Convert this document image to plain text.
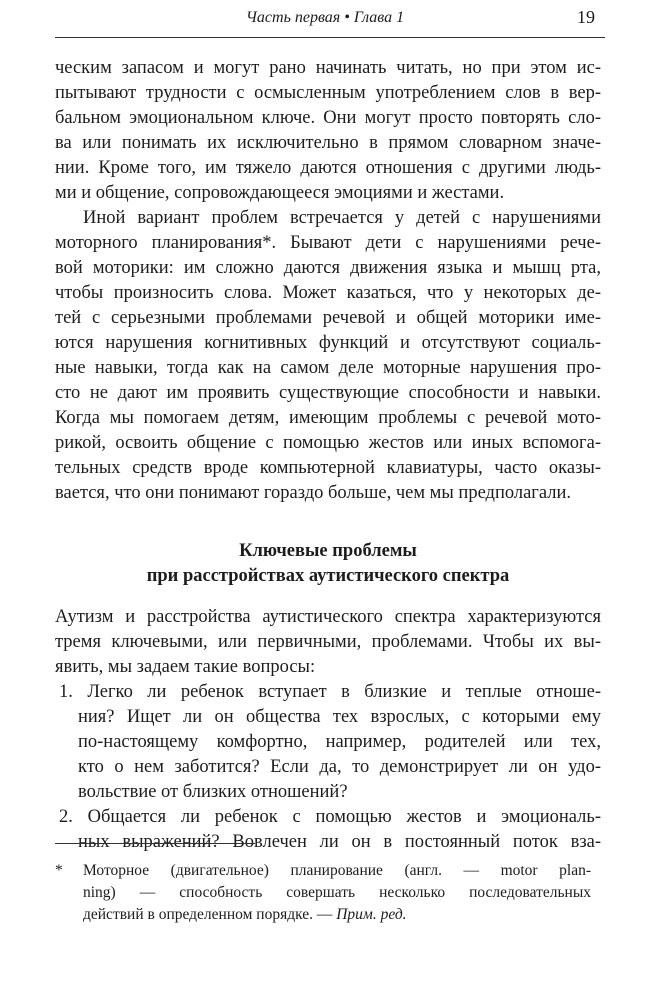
Часть первая • Глава 1	19
ческим запасом и могут рано начинать читать, но при этом ис-
пытывают трудности с осмысленным употреблением слов в вер-
бальном эмоциональном ключе. Они могут просто повторять сло-
ва или понимать их исключительно в прямом словарном значе-
нии. Кроме того, им тяжело даются отношения с другими людь-
ми и общение, сопровождающееся эмоциями и жестами.
Иной вариант проблем встречается у детей с нарушениями
моторного планирования*. Бывают дети с нарушениями рече-
вой моторики: им сложно даются движения языка и мышц рта,
чтобы произносить слова. Может казаться, что у некоторых де-
тей с серьезными проблемами речевой и общей моторики име-
ются нарушения когнитивных функций и отсутствуют социаль-
ные навыки, тогда как на самом деле моторные нарушения про-
сто не дают им проявить существующие способности и навыки.
Когда мы помогаем детям, имеющим проблемы с речевой мото-
рикой, освоить общение с помощью жестов или иных вспомога-
тельных средств вроде компьютерной клавиатуры, часто оказы-
вается, что они понимают гораздо больше, чем мы предполагали.
Ключевые проблемы
при расстройствах аутистического спектра
Аутизм и расстройства аутистического спектра характеризуются
тремя ключевыми, или первичными, проблемами. Чтобы их вы-
явить, мы задаем такие вопросы:
1. Легко ли ребенок вступает в близкие и теплые отноше-
ния? Ищет ли он общества тех взрослых, с которыми ему
по-настоящему комфортно, например, родителей или тех,
кто о нем заботится? Если да, то демонстрирует ли он удо-
вольствие от близких отношений?
2. Общается ли ребенок с помощью жестов и эмоциональ-
ных выражений? Вовлечен ли он в постоянный поток вза-
* Моторное (двигательное) планирование (англ. — motor plan-
ning) — способность совершать несколько последовательных
действий в определенном порядке. — Прим. ред.
